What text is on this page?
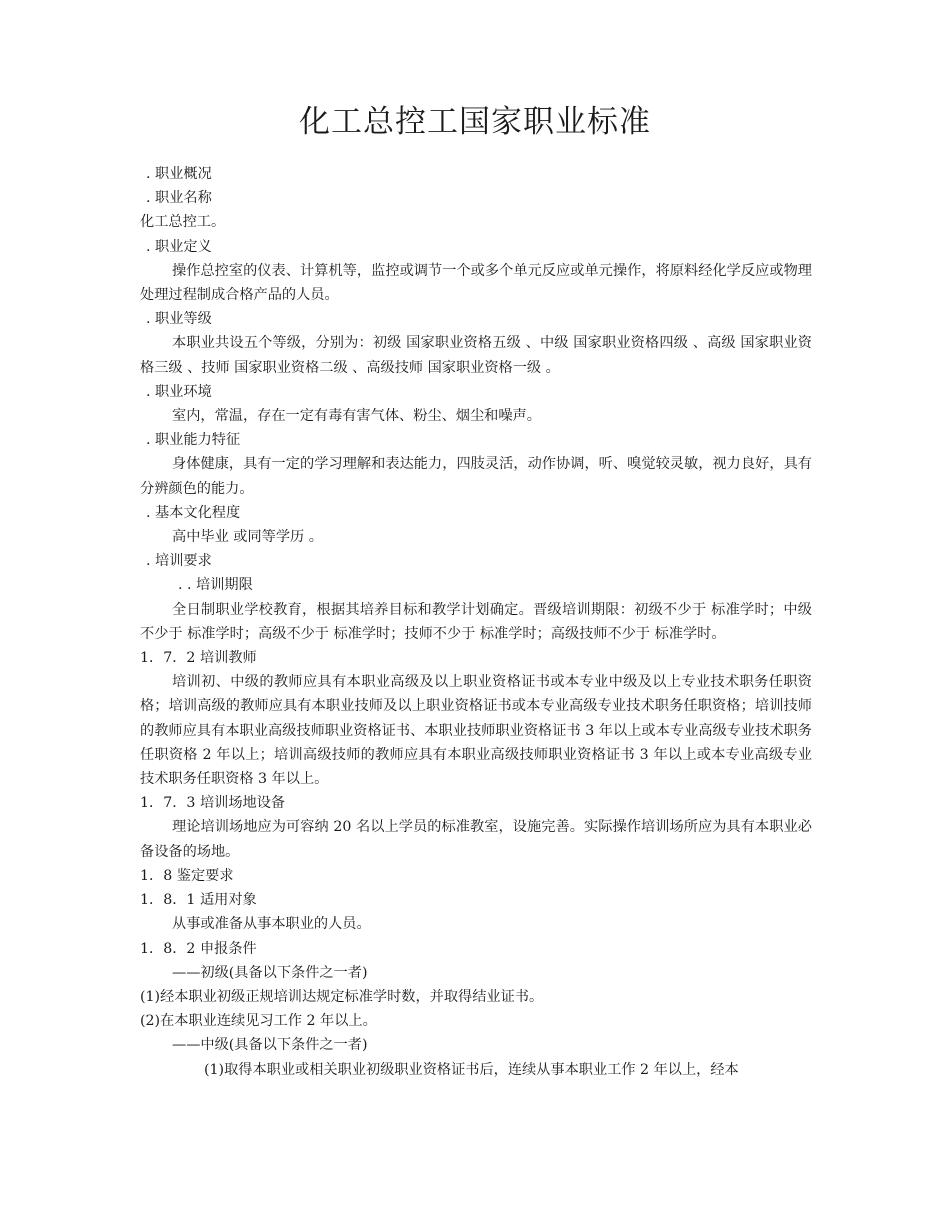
化工总控工国家职业标准

. 职业概况

. 职业名称

化工总控工。

. 职业定义

操作总控室的仪表、计算机等，监控或调节一个或多个单元反应或单元操作，将原料经化学反应或物理处理过程制成合格产品的人员。

. 职业等级

本职业共设五个等级，分别为：初级 国家职业资格五级 、中级 国家职业资格四级 、高级 国家职业资格三级 、技师 国家职业资格二级 、高级技师 国家职业资格一级 。

. 职业环境

室内，常温，存在一定有毒有害气体、粉尘、烟尘和噪声。

. 职业能力特征

身体健康，具有一定的学习理解和表达能力，四肢灵活，动作协调，听、嗅觉较灵敏，视力良好，具有分辨颜色的能力。

. 基本文化程度

高中毕业 或同等学历 。

. 培训要求

. . 培训期限

全日制职业学校教育，根据其培养目标和教学计划确定。晋级培训期限：初级不少于 标准学时；中级不少于 标准学时；高级不少于 标准学时；技师不少于 标准学时；高级技师不少于 标准学时。

1．7．2 培训教师

培训初、中级的教师应具有本职业高级及以上职业资格证书或本专业中级及以上专业技术职务任职资格；培训高级的教师应具有本职业技师及以上职业资格证书或本专业高级专业技术职务任职资格；培训技师的教师应具有本职业高级技师职业资格证书、本职业技师职业资格证书 3 年以上或本专业高级专业技术职务任职资格 2 年以上；培训高级技师的教师应具有本职业高级技师职业资格证书 3 年以上或本专业高级专业技术职务任职资格 3 年以上。

1．7．3 培训场地设备

理论培训场地应为可容纳 20 名以上学员的标准教室，设施完善。实际操作培训场所应为具有本职业必备设备的场地。

1．8 鉴定要求

1．8．1 适用对象

从事或准备从事本职业的人员。

1．8．2 申报条件

——初级(具备以下条件之一者)

(1)经本职业初级正规培训达规定标准学时数，并取得结业证书。

(2)在本职业连续见习工作 2 年以上。

——中级(具备以下条件之一者)

(1)取得本职业或相关职业初级职业资格证书后，连续从事本职业工作 2 年以上，经本
